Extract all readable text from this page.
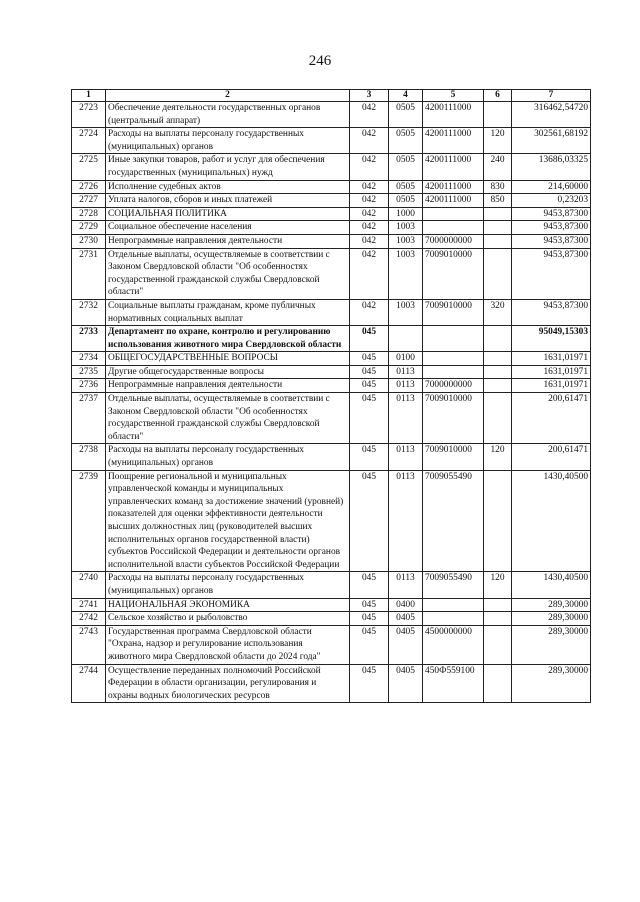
246
1	2	3	4	5	6	7
2723	Обеспечение деятельности государственных органов (центральный аппарат)	042	0505	4200111000		316462,54720
2724	Расходы на выплаты персоналу государственных (муниципальных) органов	042	0505	4200111000	120	302561,68192
2725	Иные закупки товаров, работ и услуг для обеспечения государственных (муниципальных) нужд	042	0505	4200111000	240	13686,03325
2726	Исполнение судебных актов	042	0505	4200111000	830	214,60000
2727	Уплата налогов, сборов и иных платежей	042	0505	4200111000	850	0,23203
2728	СОЦИАЛЬНАЯ ПОЛИТИКА	042	1000			9453,87300
2729	Социальное обеспечение населения	042	1003			9453,87300
2730	Непрограммные направления деятельности	042	1003	7000000000		9453,87300
2731	Отдельные выплаты, осуществляемые в соответствии с Законом Свердловской области "Об особенностях государственной гражданской службы Свердловской области"	042	1003	7009010000		9453,87300
2732	Социальные выплаты гражданам, кроме публичных нормативных социальных выплат	042	1003	7009010000	320	9453,87300
2733	Департамент по охране, контролю и регулированию использования животного мира Свердловской области	045				95049,15303
2734	ОБЩЕГОСУДАРСТВЕННЫЕ ВОПРОСЫ	045	0100			1631,01971
2735	Другие общегосударственные вопросы	045	0113			1631,01971
2736	Непрограммные направления деятельности	045	0113	7000000000		1631,01971
2737	Отдельные выплаты, осуществляемые в соответствии с Законом Свердловской области "Об особенностях государственной гражданской службы Свердловской области"	045	0113	7009010000		200,61471
2738	Расходы на выплаты персоналу государственных (муниципальных) органов	045	0113	7009010000	120	200,61471
2739	Поощрение региональной и муниципальных управленческой команды и муниципальных управленческих команд за достижение значений (уровней) показателей для оценки эффективности деятельности высших должностных лиц (руководителей высших исполнительных органов государственной власти) субъектов Российской Федерации и деятельности органов исполнительной власти субъектов Российской Федерации	045	0113	7009055490		1430,40500
2740	Расходы на выплаты персоналу государственных (муниципальных) органов	045	0113	7009055490	120	1430,40500
2741	НАЦИОНАЛЬНАЯ ЭКОНОМИКА	045	0400			289,30000
2742	Сельское хозяйство и рыболовство	045	0405			289,30000
2743	Государственная программа Свердловской области "Охрана, надзор и регулирование использования животного мира Свердловской области до 2024 года"	045	0405	4500000000		289,30000
2744	Осуществление переданных полномочий Российской Федерации в области организации, регулирования и охраны водных биологических ресурсов	045	0405	450Ф559100		289,30000
